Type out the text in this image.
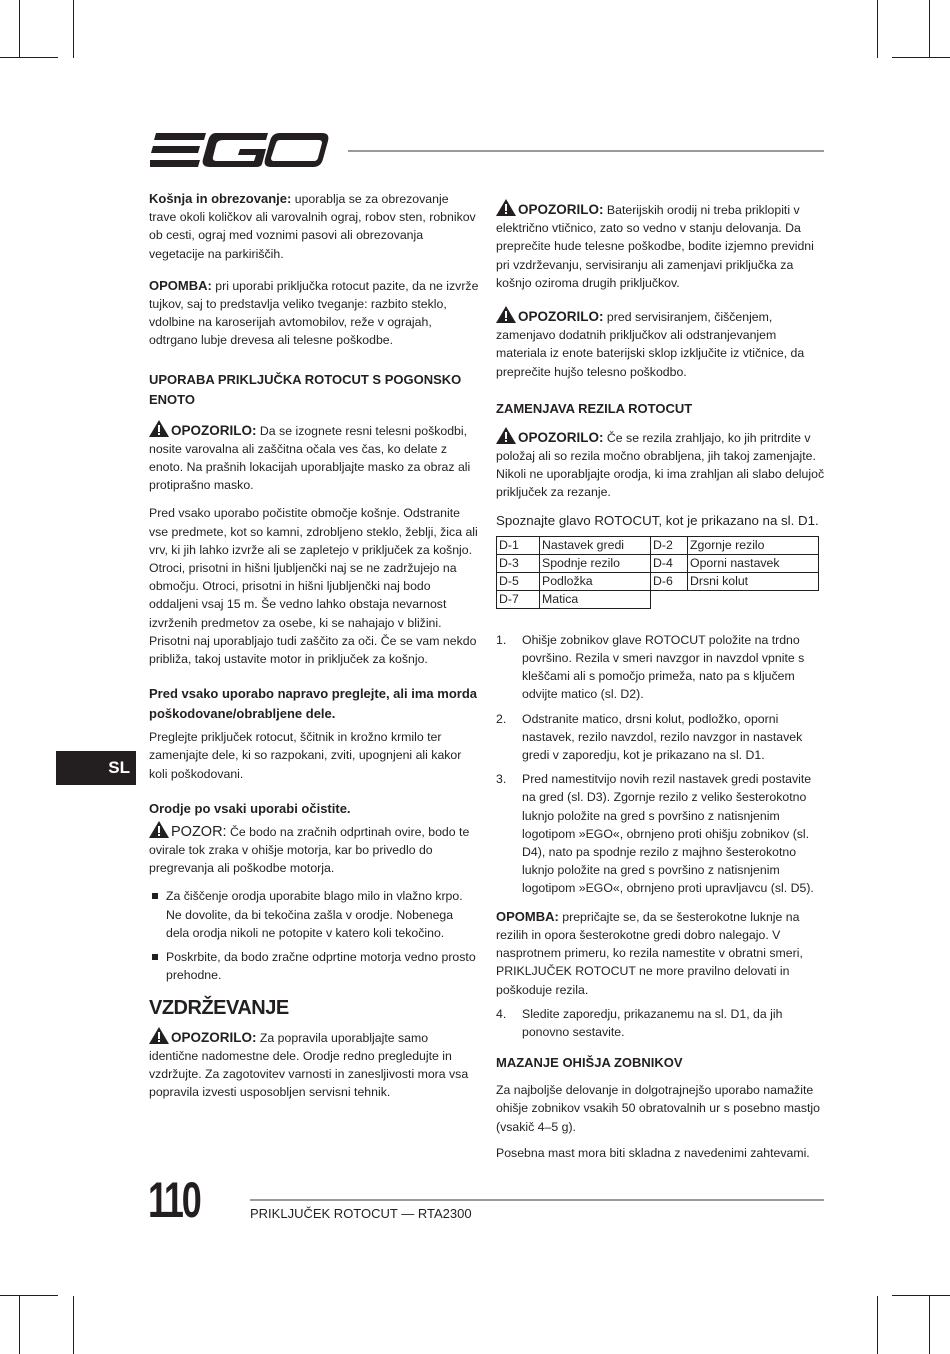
SL

Košnja in obrezovanje: uporablja se za obrezovanje trave okoli količkov ali varovalnih ograj, robov sten, robnikov ob cesti, ograj med voznimi pasovi ali obrezovanja vegetacije na parkiriščih.

OPOMBA: pri uporabi priključka rotocut pazite, da ne izvrže tujkov, saj to predstavlja veliko tveganje: razbito steklo, vdolbine na karoserijah avtomobilov, reže v ograjah, odtrgano lubje drevesa ali telesne poškodbe.

UPORABA PRIKLJUČKA ROTOCUT S POGONSKO ENOTO

OPOZORILO: Da se izognete resni telesni poškodbi, nosite varovalna ali zaščitna očala ves čas, ko delate z enoto. Na prašnih lokacijah uporabljajte masko za obraz ali protiprašno masko.

Pred vsako uporabo počistite območje košnje. Odstranite vse predmete, kot so kamni, zdrobljeno steklo, žeblji, žica ali vrv, ki jih lahko izvrže ali se zapletejo v priključek za košnjo. Otroci, prisotni in hišni ljubljenčki naj se ne zadržujejo na območju. Otroci, prisotni in hišni ljubljenčki naj bodo oddaljeni vsaj 15 m. Še vedno lahko obstaja nevarnost izvrženih predmetov za osebe, ki se nahajajo v bližini. Prisotni naj uporabljajo tudi zaščito za oči. Če se vam nekdo približa, takoj ustavite motor in priključek za košnjo.

Pred vsako uporabo napravo preglejte, ali ima morda poškodovane/obrabljene dele.

Preglejte priključek rotocut, ščitnik in krožno krmilo ter zamenjajte dele, ki so razpokani, zviti, upognjeni ali kakor koli poškodovani.

Orodje po vsaki uporabi očistite.

POZOR: Če bodo na zračnih odprtinah ovire, bodo te ovirale tok zraka v ohišje motorja, kar bo privedlo do pregrevanja ali poškodbe motorja.

Za čiščenje orodja uporabite blago milo in vlažno krpo. Ne dovolite, da bi tekočina zašla v orodje. Nobenega dela orodja nikoli ne potopite v katero koli tekočino.
Poskrbite, da bodo zračne odprtine motorja vedno prosto prehodne.
VZDRŽEVANJE

OPOZORILO: Za popravila uporabljajte samo identične nadomestne dele. Orodje redno pregledujte in vzdržujte. Za zagotovitev varnosti in zanesljivosti mora vsa popravila izvesti usposobljen servisni tehnik.

OPOZORILO: Baterijskih orodij ni treba priklopiti v električno vtičnico, zato so vedno v stanju delovanja. Da preprečite hude telesne poškodbe, bodite izjemno previdni pri vzdrževanju, servisiranju ali zamenjavi priključka za košnjo oziroma drugih priključkov.

OPOZORILO: pred servisiranjem, čiščenjem, zamenjavo dodatnih priključkov ali odstranjevanjem materiala iz enote baterijski sklop izključite iz vtičnice, da preprečite hujšo telesno poškodbo.

ZAMENJAVA REZILA ROTOCUT

OPOZORILO: Če se rezila zrahljajo, ko jih pritrdite v položaj ali so rezila močno obrabljena, jih takoj zamenjajte. Nikoli ne uporabljajte orodja, ki ima zrahljan ali slabo delujoč priključek za rezanje.

Spoznajte glavo ROTOCUT, kot je prikazano na sl. D1.

D-1	Nastavek gredi	D-2	Zgornje rezilo
D-3	Spodnje rezilo	D-4	Oporni nastavek
D-5	Podložka	D-6	Drsni kolut
D-7	Matica		
1. Ohišje zobnikov glave ROTOCUT položite na trdno površino. Rezila v smeri navzgor in navzdol vpnite s kleščami ali s pomočjo primeža, nato pa s ključem odvijte matico (sl. D2).
2. Odstranite matico, drsni kolut, podložko, oporni nastavek, rezilo navzdol, rezilo navzgor in nastavek gredi v zaporedju, kot je prikazano na sl. D1.
3. Pred namestitvijo novih rezil nastavek gredi postavite na gred (sl. D3). Zgornje rezilo z veliko šesterokotno luknjo položite na gred s površino z natisnjenim logotipom »EGO«, obrnjeno proti ohišju zobnikov (sl. D4), nato pa spodnje rezilo z majhno šesterokotno luknjo položite na gred s površino z natisnjenim logotipom »EGO«, obrnjeno proti upravljavcu (sl. D5).

OPOMBA: prepričajte se, da se šesterokotne luknje na rezilih in opora šesterokotne gredi dobro nalegajo. V nasprotnem primeru, ko rezila namestite v obratni smeri, PRIKLJUČEK ROTOCUT ne more pravilno delovati in poškoduje rezila.

4. Sledite zaporedju, prikazanemu na sl. D1, da jih ponovno sestavite.
MAZANJE OHIŠJA ZOBNIKOV

Za najboljše delovanje in dolgotrajnejšo uporabo namažite ohišje zobnikov vsakih 50 obratovalnih ur s posebno mastjo (vsakič 4–5 g).

Posebna mast mora biti skladna z navedenimi zahtevami.

110	PRIKLJUČEK ROTOCUT — RTA2300
